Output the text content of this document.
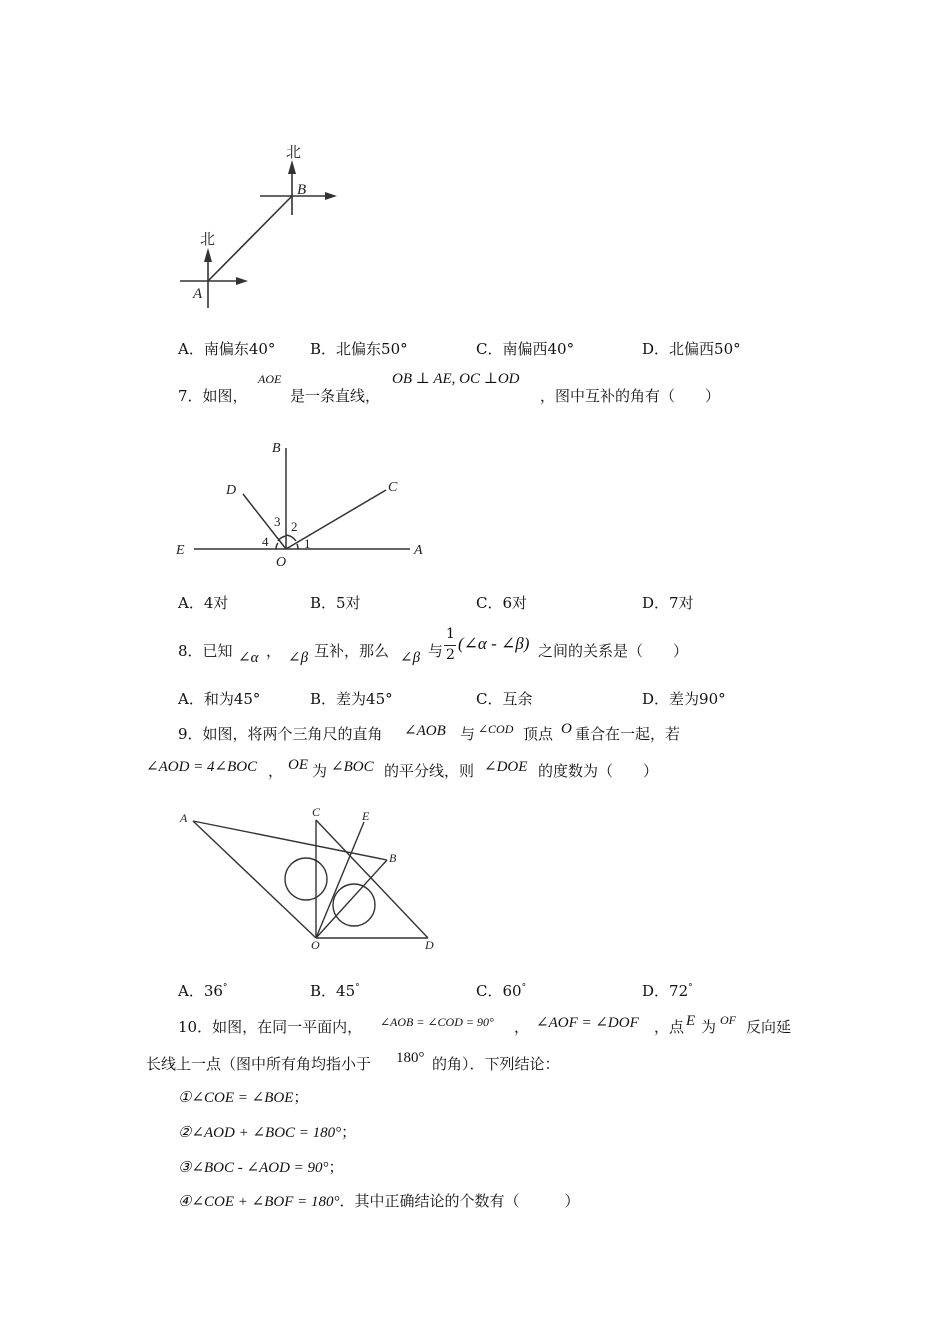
北
北
A
B
A．南偏东40° B．北偏东50°	C．南偏西40°	D．北偏西50°
7．如图，
AOE
是一条直线，
OB ⊥ AE, OC ⊥OD
，图中互补的角有（　　）
B
D	C
E
O
A
1
2
3
4
A．4对	B．5对	C．6对	D．7对
8．已知 ∠α ， ∠β 互补，那么 ∠β 与
1
2
(∠α - ∠β) 之间的关系是（　　）
A．和为45°	B．差为45°	C．互余	D．差为90°
9．如图，将两个三角尺的直角 ∠AOB 与 ∠COD 顶点 O 重合在一起，若
∠AOD = 4∠BOC ， OE 为 ∠BOC 的平分线，则 ∠DOE 的度数为（　　）
A	C	E
B
O	D
A．36°	B．45°	C．60°	D．72°
10．如图，在同一平面内， ∠AOB = ∠COD = 90° ， ∠AOF = ∠DOF ，点 E 为 OF 反向延
长线上一点（图中所有角均指小于 180° 的角）．下列结论：
①∠COE = ∠BOE；
②∠AOD + ∠BOC = 180°；
③∠BOC - ∠AOD = 90°；
④∠COE + ∠BOF = 180°．其中正确结论的个数有（　　　）
